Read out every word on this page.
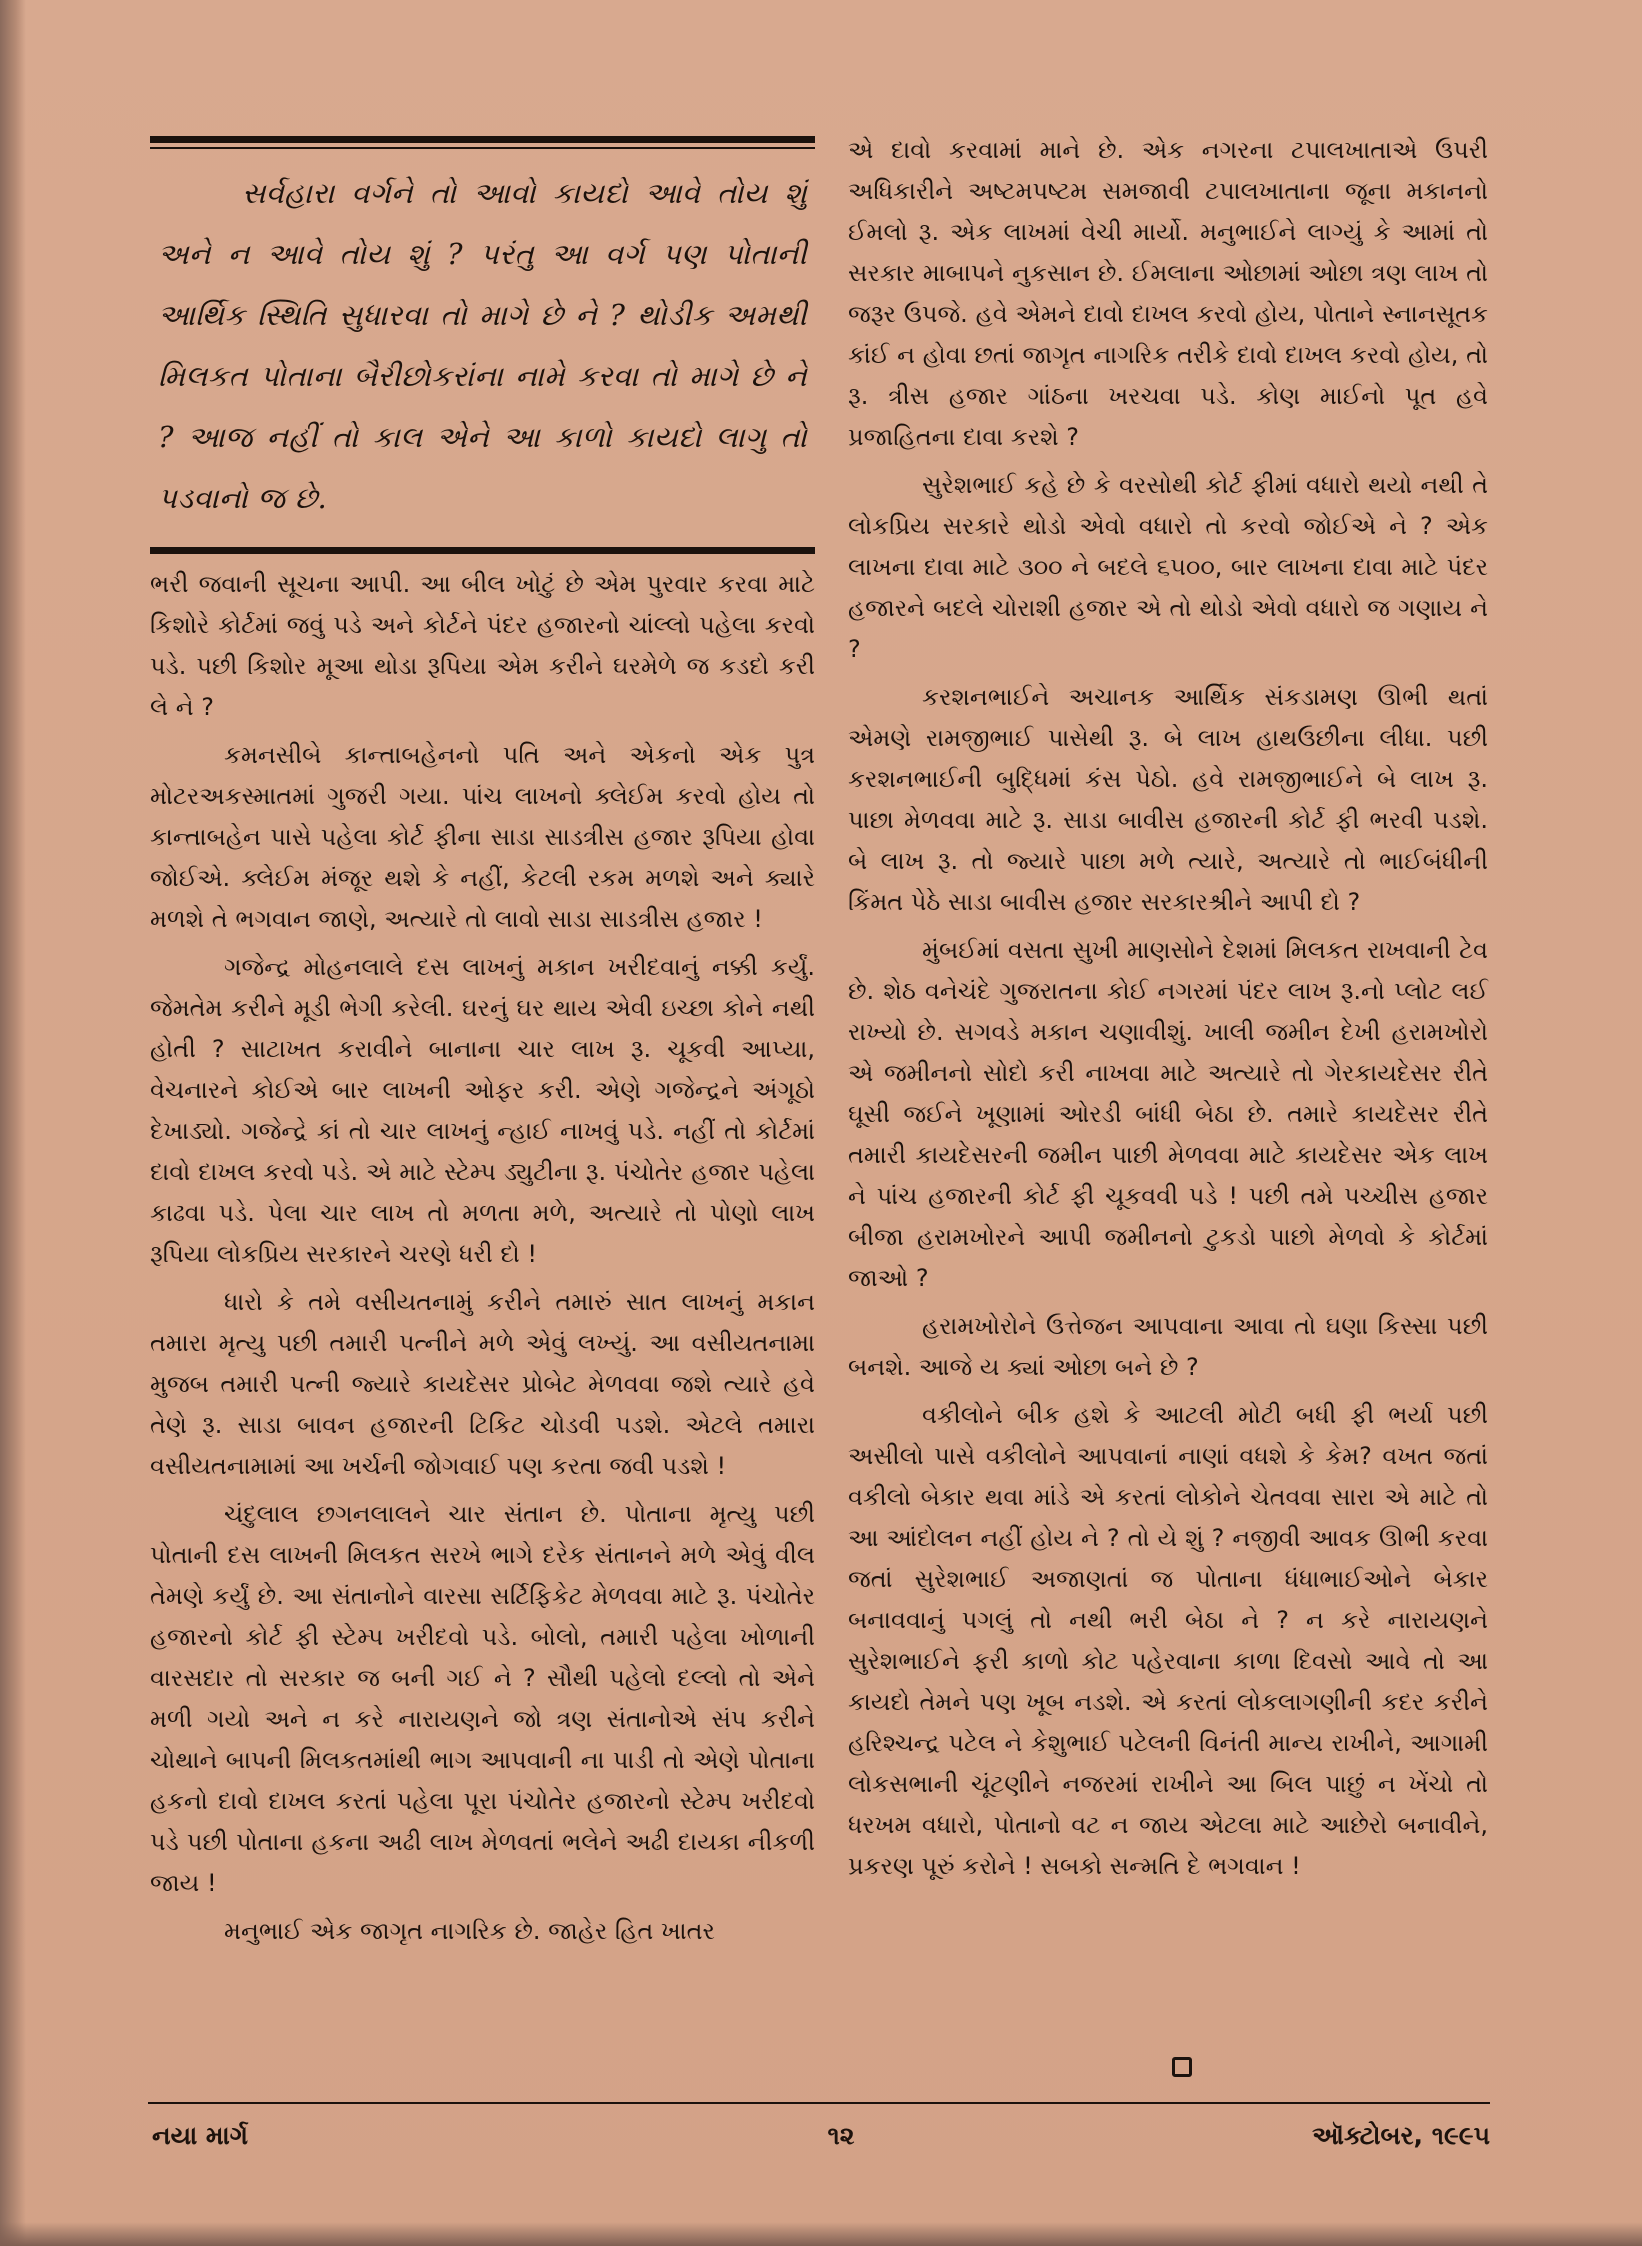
સર્વહારા વર્ગને તો આવો કાયદો આવે તોય શું અને ન આવે તોય શું ? પરંતુ આ વર્ગ પણ પોતાની આર્થિક સ્થિતિ સુધારવા તો માગે છે ને ? થોડીક અમથી મિલકત પોતાના બૈરીછોકરાંના નામે કરવા તો માગે છે ને ? આજ નહીં તો કાલ એને આ કાળો કાયદો લાગુ તો પડવાનો જ છે.

ભરી જવાની સૂચના આપી. આ બીલ ખોટું છે એમ પુરવાર કરવા માટે કિશોરે કોર્ટમાં જવું પડે અને કોર્ટને પંદર હજારનો ચાંલ્લો પહેલા કરવો પડે. પછી કિશોર મૂઆ થોડા રૂપિયા એમ કરીને ઘરમેળે જ કડદો કરી લે ને ?

કમનસીબે કાન્તાબહેનનો પતિ અને એકનો એક પુત્ર મોટરઅકસ્માતમાં ગુજરી ગયા. પાંચ લાખનો ક્લેઈમ કરવો હોય તો કાન્તાબહેન પાસે પહેલા કોર્ટ ફીના સાડા સાડત્રીસ હજાર રૂપિયા હોવા જોઈએ. ક્લેઈમ મંજૂર થશે કે નહીં, કેટલી રકમ મળશે અને ક્યારે મળશે તે ભગવાન જાણે, અત્યારે તો લાવો સાડા સાડત્રીસ હજાર !

ગજેન્દ્ર મોહનલાલે દસ લાખનું મકાન ખરીદવાનું નક્કી કર્યું. જેમતેમ કરીને મૂડી ભેગી કરેલી. ઘરનું ઘર થાય એવી ઇચ્છા કોને નથી હોતી ? સાટાખત કરાવીને બાનાના ચાર લાખ રૂ. ચૂકવી આપ્યા, વેચનારને કોઈએ બાર લાખની ઓફર કરી. એણે ગજેન્દ્રને અંગૂઠો દેખાડ્યો. ગજેન્દ્રે કાં તો ચાર લાખનું ન્હાઈ નાખવું પડે. નહીં તો કોર્ટમાં દાવો દાખલ કરવો પડે. એ માટે સ્ટેમ્પ ડ્યુટીના રૂ. પંચોતેર હજાર પહેલા કાઢવા પડે. પેલા ચાર લાખ તો મળતા મળે, અત્યારે તો પોણો લાખ રૂપિયા લોકપ્રિય સરકારને ચરણે ધરી દો !

ધારો કે તમે વસીયતનામું કરીને તમારું સાત લાખનું મકાન તમારા મૃત્યુ પછી તમારી પત્નીને મળે એવું લખ્યું. આ વસીયતનામા મુજબ તમારી પત્ની જ્યારે કાયદેસર પ્રોબેટ મેળવવા જશે ત્યારે હવે તેણે રૂ. સાડા બાવન હજારની ટિકિટ ચોડવી પડશે. એટલે તમારા વસીયતનામામાં આ ખર્ચની જોગવાઈ પણ કરતા જવી પડશે !

ચંદુલાલ છગનલાલને ચાર સંતાન છે. પોતાના મૃત્યુ પછી પોતાની દસ લાખની મિલકત સરખે ભાગે દરેક સંતાનને મળે એવું વીલ તેમણે કર્યું છે. આ સંતાનોને વારસા સર્ટિફિકેટ મેળવવા માટે રૂ. પંચોતેર હજારનો કોર્ટ ફી સ્ટેમ્પ ખરીદવો પડે. બોલો, તમારી પહેલા ખોળાની વારસદાર તો સરકાર જ બની ગઈ ને ? સૌથી પહેલો દલ્લો તો એને મળી ગયો અને ન કરે નારાયણને જો ત્રણ સંતાનોએ સંપ કરીને ચોથાને બાપની મિલકતમાંથી ભાગ આપવાની ના પાડી તો એણે પોતાના હકનો દાવો દાખલ કરતાં પહેલા પૂરા પંચોતેર હજારનો સ્ટેમ્પ ખરીદવો પડે પછી પોતાના હકના અઢી લાખ મેળવતાં ભલેને અઢી દાયકા નીકળી જાય !

મનુભાઈ એક જાગૃત નાગરિક છે. જાહેર હિત ખાતર

એ દાવો કરવામાં માને છે. એક નગરના ટપાલખાતાએ ઉપરી અધિકારીને અષ્ટમપષ્ટમ સમજાવી ટપાલખાતાના જૂના મકાનનો ઈમલો રૂ. એક લાખમાં વેચી માર્યો. મનુભાઈને લાગ્યું કે આમાં તો સરકાર માબાપને નુકસાન છે. ઈમલાના ઓછામાં ઓછા ત્રણ લાખ તો જરૂર ઉપજે. હવે એમને દાવો દાખલ કરવો હોય, પોતાને સ્નાનસૂતક કાંઈ ન હોવા છતાં જાગૃત નાગરિક તરીકે દાવો દાખલ કરવો હોય, તો રૂ. ત્રીસ હજાર ગાંઠના ખરચવા પડે. કોણ માઈનો પૂત હવે પ્રજાહિતના દાવા કરશે ?

સુરેશભાઈ કહે છે કે વરસોથી કોર્ટ ફીમાં વધારો થયો નથી તે લોકપ્રિય સરકારે થોડો એવો વધારો તો કરવો જોઈએ ને ? એક લાખના દાવા માટે ૩૦૦ ને બદલે ૬૫૦૦, બાર લાખના દાવા માટે પંદર હજારને બદલે ચોરાશી હજાર એ તો થોડો એવો વધારો જ ગણાય ને ?

કરશનભાઈને અચાનક આર્થિક સંકડામણ ઊભી થતાં એમણે રામજીભાઈ પાસેથી રૂ. બે લાખ હાથઉછીના લીધા. પછી કરશનભાઈની બુદ્ધિમાં કંસ પેઠો. હવે રામજીભાઈને બે લાખ રૂ. પાછા મેળવવા માટે રૂ. સાડા બાવીસ હજારની કોર્ટ ફી ભરવી પડશે. બે લાખ રૂ. તો જ્યારે પાછા મળે ત્યારે, અત્યારે તો ભાઈબંધીની કિંમત પેઠે સાડા બાવીસ હજાર સરકારશ્રીને આપી દો ?

મુંબઈમાં વસતા સુખી માણસોને દેશમાં મિલકત રાખવાની ટેવ છે. શેઠ વનેચંદે ગુજરાતના કોઈ નગરમાં પંદર લાખ રૂ.નો પ્લોટ લઈ રાખ્યો છે. સગવડે મકાન ચણાવીશું. ખાલી જમીન દેખી હરામખોરો એ જમીનનો સોદો કરી નાખવા માટે અત્યારે તો ગેરકાયદેસર રીતે ઘૂસી જઈને ખૂણામાં ઓરડી બાંધી બેઠા છે. તમારે કાયદેસર રીતે તમારી કાયદેસરની જમીન પાછી મેળવવા માટે કાયદેસર એક લાખ ને પાંચ હજારની કોર્ટ ફી ચૂકવવી પડે ! પછી તમે પચ્ચીસ હજાર બીજા હરામખોરને આપી જમીનનો ટુકડો પાછો મેળવો કે કોર્ટમાં જાઓ ?

હરામખોરોને ઉત્તેજન આપવાના આવા તો ઘણા કિસ્સા પછી બનશે. આજે ય ક્યાં ઓછા બને છે ?

વકીલોને બીક હશે કે આટલી મોટી બધી ફી ભર્યા પછી અસીલો પાસે વકીલોને આપવાનાં નાણાં વધશે કે કેમ? વખત જતાં વકીલો બેકાર થવા માંડે એ કરતાં લોકોને ચેતવવા સારા એ માટે તો આ આંદોલન નહીં હોય ને ? તો યે શું ? નજીવી આવક ઊભી કરવા જતાં સુરેશભાઈ અજાણતાં જ પોતાના ધંધાભાઈઓને બેકાર બનાવવાનું પગલું તો નથી ભરી બેઠા ને ? ન કરે નારાયણને સુરેશભાઈને ફરી કાળો કોટ પહેરવાના કાળા દિવસો આવે તો આ કાયદો તેમને પણ ખૂબ નડશે. એ કરતાં લોકલાગણીની કદર કરીને હરિશ્ચન્દ્ર પટેલ ને કેશુભાઈ પટેલની વિનંતી માન્ય રાખીને, આગામી લોકસભાની ચૂંટણીને નજરમાં રાખીને આ બિલ પાછું ન ખેંચો તો ધરખમ વધારો, પોતાનો વટ ન જાય એટલા માટે આછેરો બનાવીને, પ્રકરણ પૂરું કરોને ! સબકો સન્મતિ દે ભગવાન !

નયા માર્ગ	૧૨	ઑક્ટોબર, ૧૯૯૫
